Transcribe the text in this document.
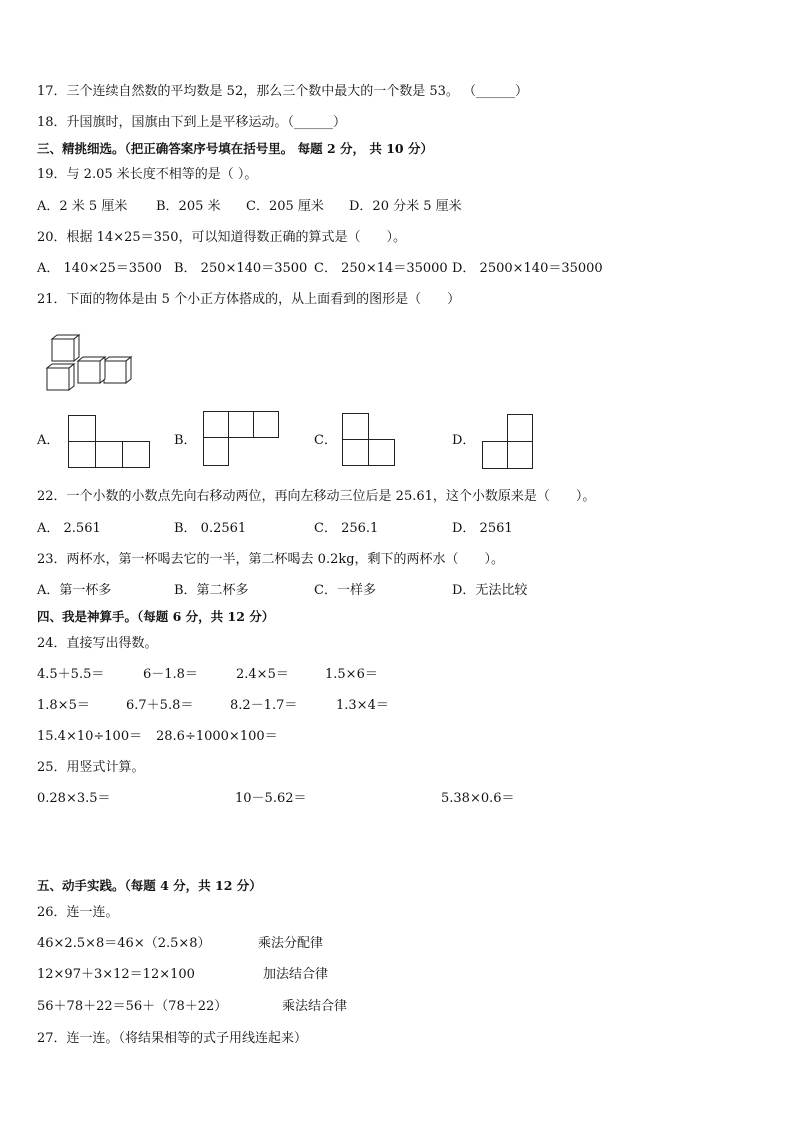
17．三个连续自然数的平均数是 52，那么三个数中最大的一个数是 53。 （______）
18．升国旗时，国旗由下到上是平移运动。（______）
三、精挑细选。（把正确答案序号填在括号里。 每题 2 分， 共 10 分）
19．与 2.05 米长度不相等的是（ ）。
A．2 米 5 厘米 B．205 米 C．205 厘米 D．20 分米 5 厘米
20．根据 14×25＝350，可以知道得数正确的算式是（　　）。
A． 140×25＝3500 B． 250×140＝3500 C． 250×14＝35000 D． 2500×140＝35000
21．下面的物体是由 5 个小正方体搭成的，从上面看到的图形是（　　）
A．	B．	C．	D．
22．一个小数的小数点先向右移动两位，再向左移动三位后是 25.61，这个小数原来是（　　）。
A． 2.561	B． 0.2561	C． 256.1	D． 2561
23．两杯水，第一杯喝去它的一半，第二杯喝去 0.2kg，剩下的两杯水（　　）。
A．第一杯多	B．第二杯多	C．一样多	D．无法比较
四、我是神算手。（每题 6 分，共 12 分）
24．直接写出得数。
4.5＋5.5＝	6－1.8＝	2.4×5＝	1.5×6＝
1.8×5＝	6.7＋5.8＝	8.2－1.7＝	1.3×4＝
15.4×10÷100＝ 28.6÷1000×100＝
25．用竖式计算。
0.28×3.5＝	10－5.62＝	5.38×0.6＝
五、动手实践。（每题 4 分，共 12 分）
26．连一连。
46×2.5×8＝46×（2.5×8）	乘法分配律
12×97＋3×12＝12×100	加法结合律
56＋78＋22＝56＋（78＋22）	乘法结合律
27．连一连。（将结果相等的式子用线连起来）
